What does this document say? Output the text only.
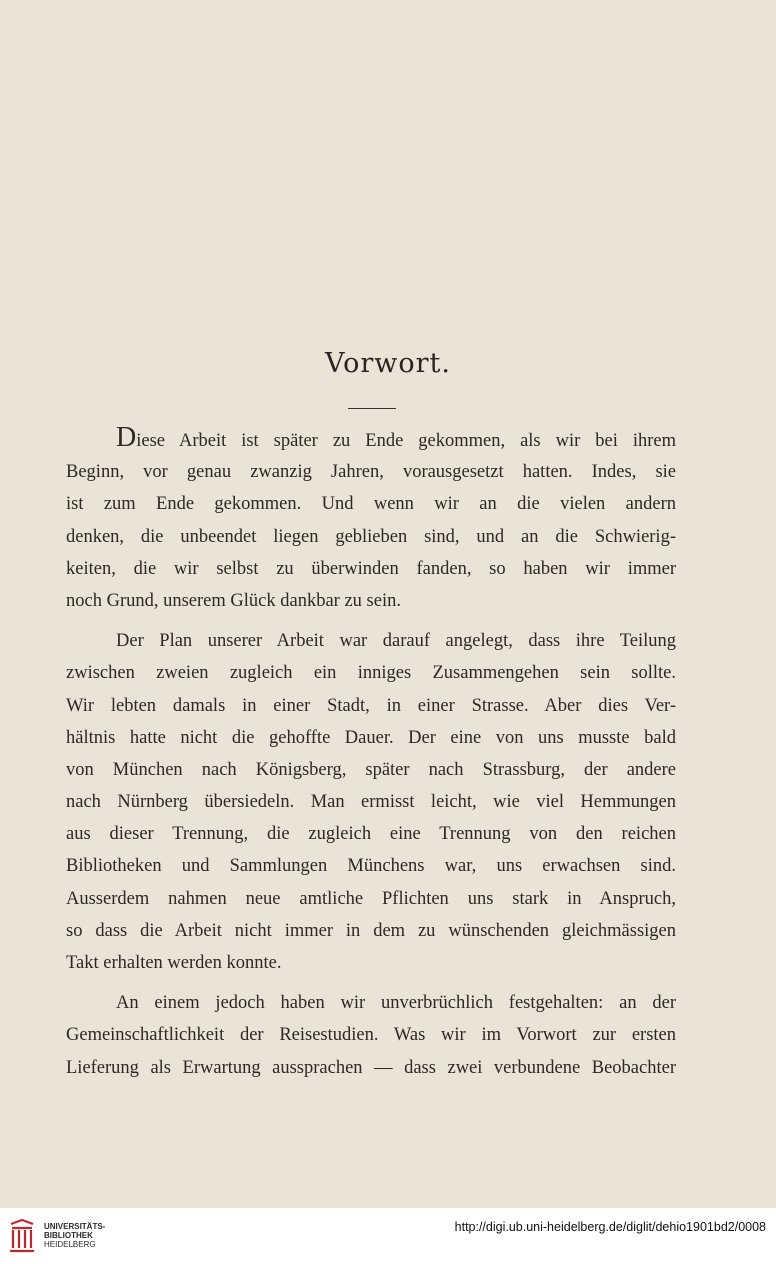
Vorwort.
Diese Arbeit ist später zu Ende gekommen, als wir bei ihrem
Beginn, vor genau zwanzig Jahren, vorausgesetzt hatten. Indes, sie
ist zum Ende gekommen. Und wenn wir an die vielen andern
denken, die unbeendet liegen geblieben sind, und an die Schwierig-
keiten, die wir selbst zu überwinden fanden, so haben wir immer
noch Grund, unserem Glück dankbar zu sein.
Der Plan unserer Arbeit war darauf angelegt, dass ihre Teilung
zwischen zweien zugleich ein inniges Zusammengehen sein sollte.
Wir lebten damals in einer Stadt, in einer Strasse. Aber dies Ver-
hältnis hatte nicht die gehoffte Dauer. Der eine von uns musste bald
von München nach Königsberg, später nach Strassburg, der andere
nach Nürnberg übersiedeln. Man ermisst leicht, wie viel Hemmungen
aus dieser Trennung, die zugleich eine Trennung von den reichen
Bibliotheken und Sammlungen Münchens war, uns erwachsen sind.
Ausserdem nahmen neue amtliche Pflichten uns stark in Anspruch,
so dass die Arbeit nicht immer in dem zu wünschenden gleichmässigen
Takt erhalten werden konnte.
An einem jedoch haben wir unverbrüchlich festgehalten: an der
Gemeinschaftlichkeit der Reisestudien. Was wir im Vorwort zur ersten
Lieferung als Erwartung aussprachen — dass zwei verbundene Beobachter
UNIVERSITÄTS-
BIBLIOTHEK
HEIDELBERG
http://digi.ub.uni-heidelberg.de/diglit/dehio1901bd2/0008
